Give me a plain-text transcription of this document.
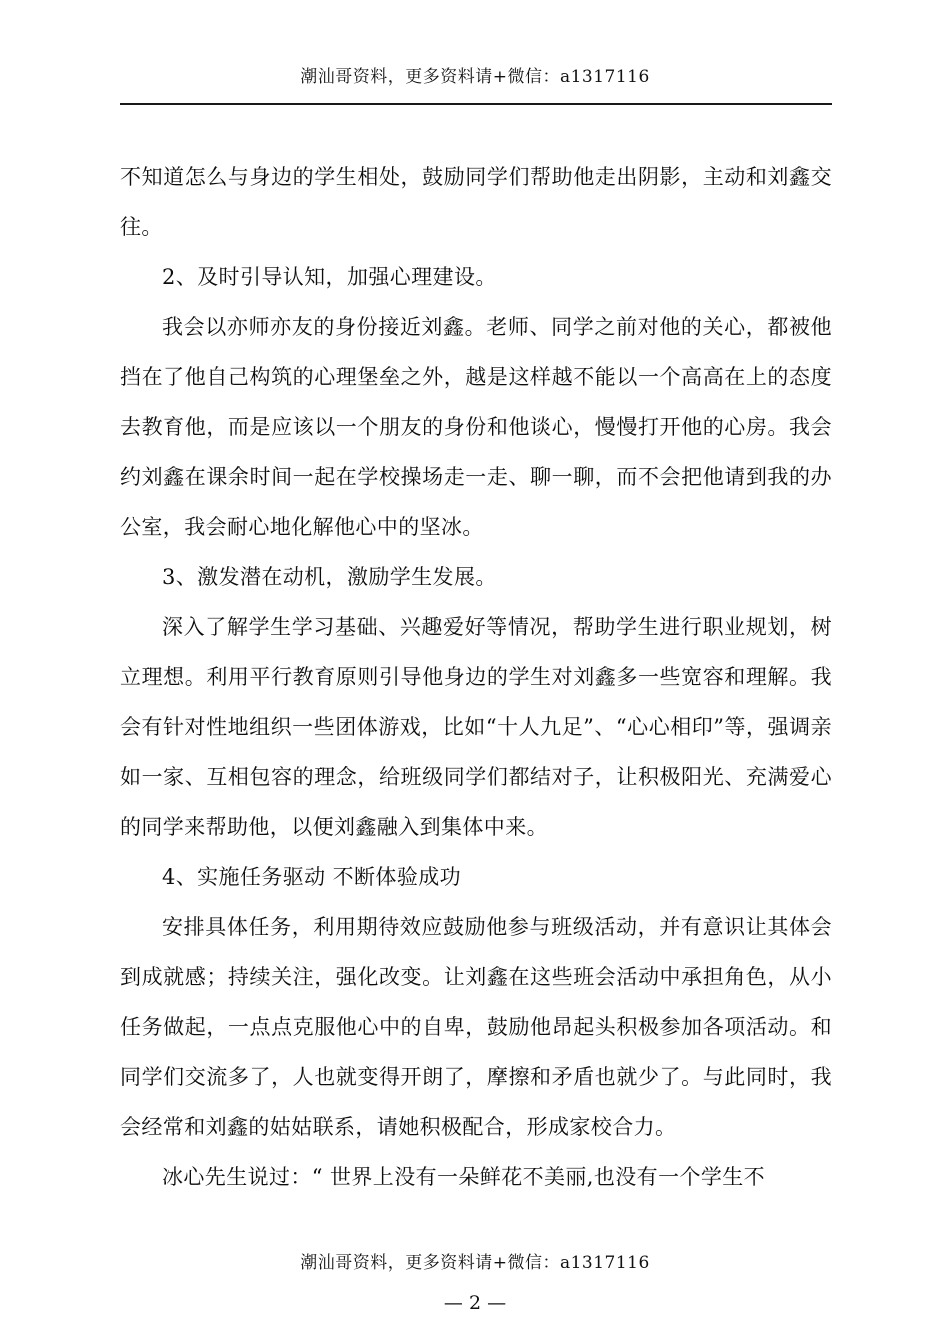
潮汕哥资料，更多资料请+微信：a1317116

不知道怎么与身边的学生相处，鼓励同学们帮助他走出阴影，主动和刘鑫交往。

2、及时引导认知，加强心理建设。

我会以亦师亦友的身份接近刘鑫。老师、同学之前对他的关心，都被他挡在了他自己构筑的心理堡垒之外，越是这样越不能以一个高高在上的态度去教育他，而是应该以一个朋友的身份和他谈心，慢慢打开他的心房。我会约刘鑫在课余时间一起在学校操场走一走、聊一聊，而不会把他请到我的办公室，我会耐心地化解他心中的坚冰。

3、激发潜在动机，激励学生发展。

深入了解学生学习基础、兴趣爱好等情况，帮助学生进行职业规划，树立理想。利用平行教育原则引导他身边的学生对刘鑫多一些宽容和理解。我会有针对性地组织一些团体游戏，比如“十人九足”、“心心相印”等，强调亲如一家、互相包容的理念，给班级同学们都结对子，让积极阳光、充满爱心的同学来帮助他，以便刘鑫融入到集体中来。

4、实施任务驱动 不断体验成功

安排具体任务，利用期待效应鼓励他参与班级活动，并有意识让其体会到成就感；持续关注，强化改变。让刘鑫在这些班会活动中承担角色，从小任务做起，一点点克服他心中的自卑，鼓励他昂起头积极参加各项活动。和同学们交流多了，人也就变得开朗了，摩擦和矛盾也就少了。与此同时，我会经常和刘鑫的姑姑联系，请她积极配合，形成家校合力。

冰心先生说过：“ 世界上没有一朵鲜花不美丽,也没有一个学生不

潮汕哥资料，更多资料请+微信：a1317116
— 2 —
